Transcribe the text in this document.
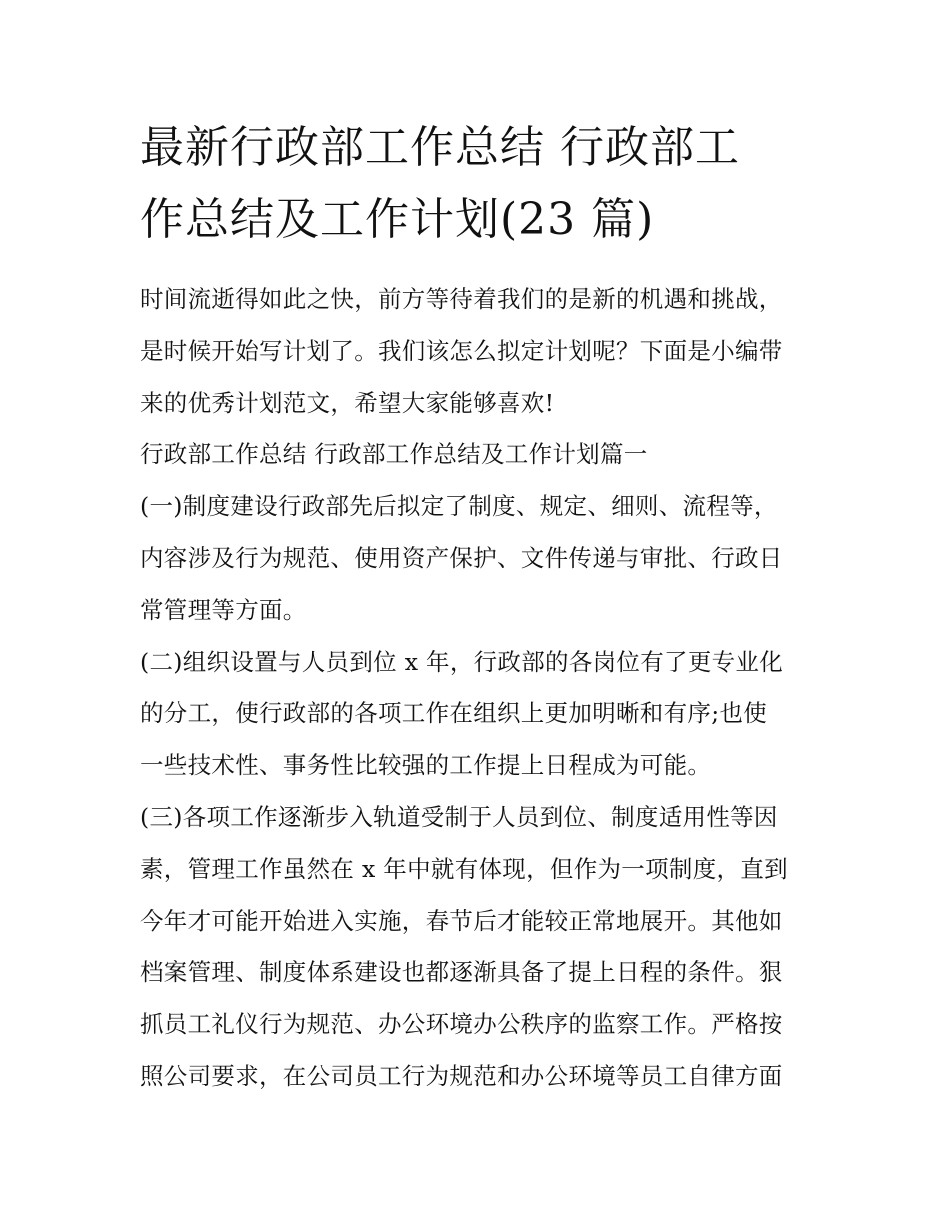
最新行政部工作总结 行政部工
作总结及工作计划(23 篇)
时间流逝得如此之快，前方等待着我们的是新的机遇和挑战，
是时候开始写计划了。我们该怎么拟定计划呢？下面是小编带
来的优秀计划范文，希望大家能够喜欢!
行政部工作总结 行政部工作总结及工作计划篇一
(一)制度建设行政部先后拟定了制度、规定、细则、流程等，
内容涉及行为规范、使用资产保护、文件传递与审批、行政日
常管理等方面。
(二)组织设置与人员到位 x 年，行政部的各岗位有了更专业化
的分工，使行政部的各项工作在组织上更加明晰和有序;也使
一些技术性、事务性比较强的工作提上日程成为可能。
(三)各项工作逐渐步入轨道受制于人员到位、制度适用性等因
素，管理工作虽然在 x 年中就有体现，但作为一项制度，直到
今年才可能开始进入实施，春节后才能较正常地展开。其他如
档案管理、制度体系建设也都逐渐具备了提上日程的条件。狠
抓员工礼仪行为规范、办公环境办公秩序的监察工作。严格按
照公司要求，在公司员工行为规范和办公环境等员工自律方面
